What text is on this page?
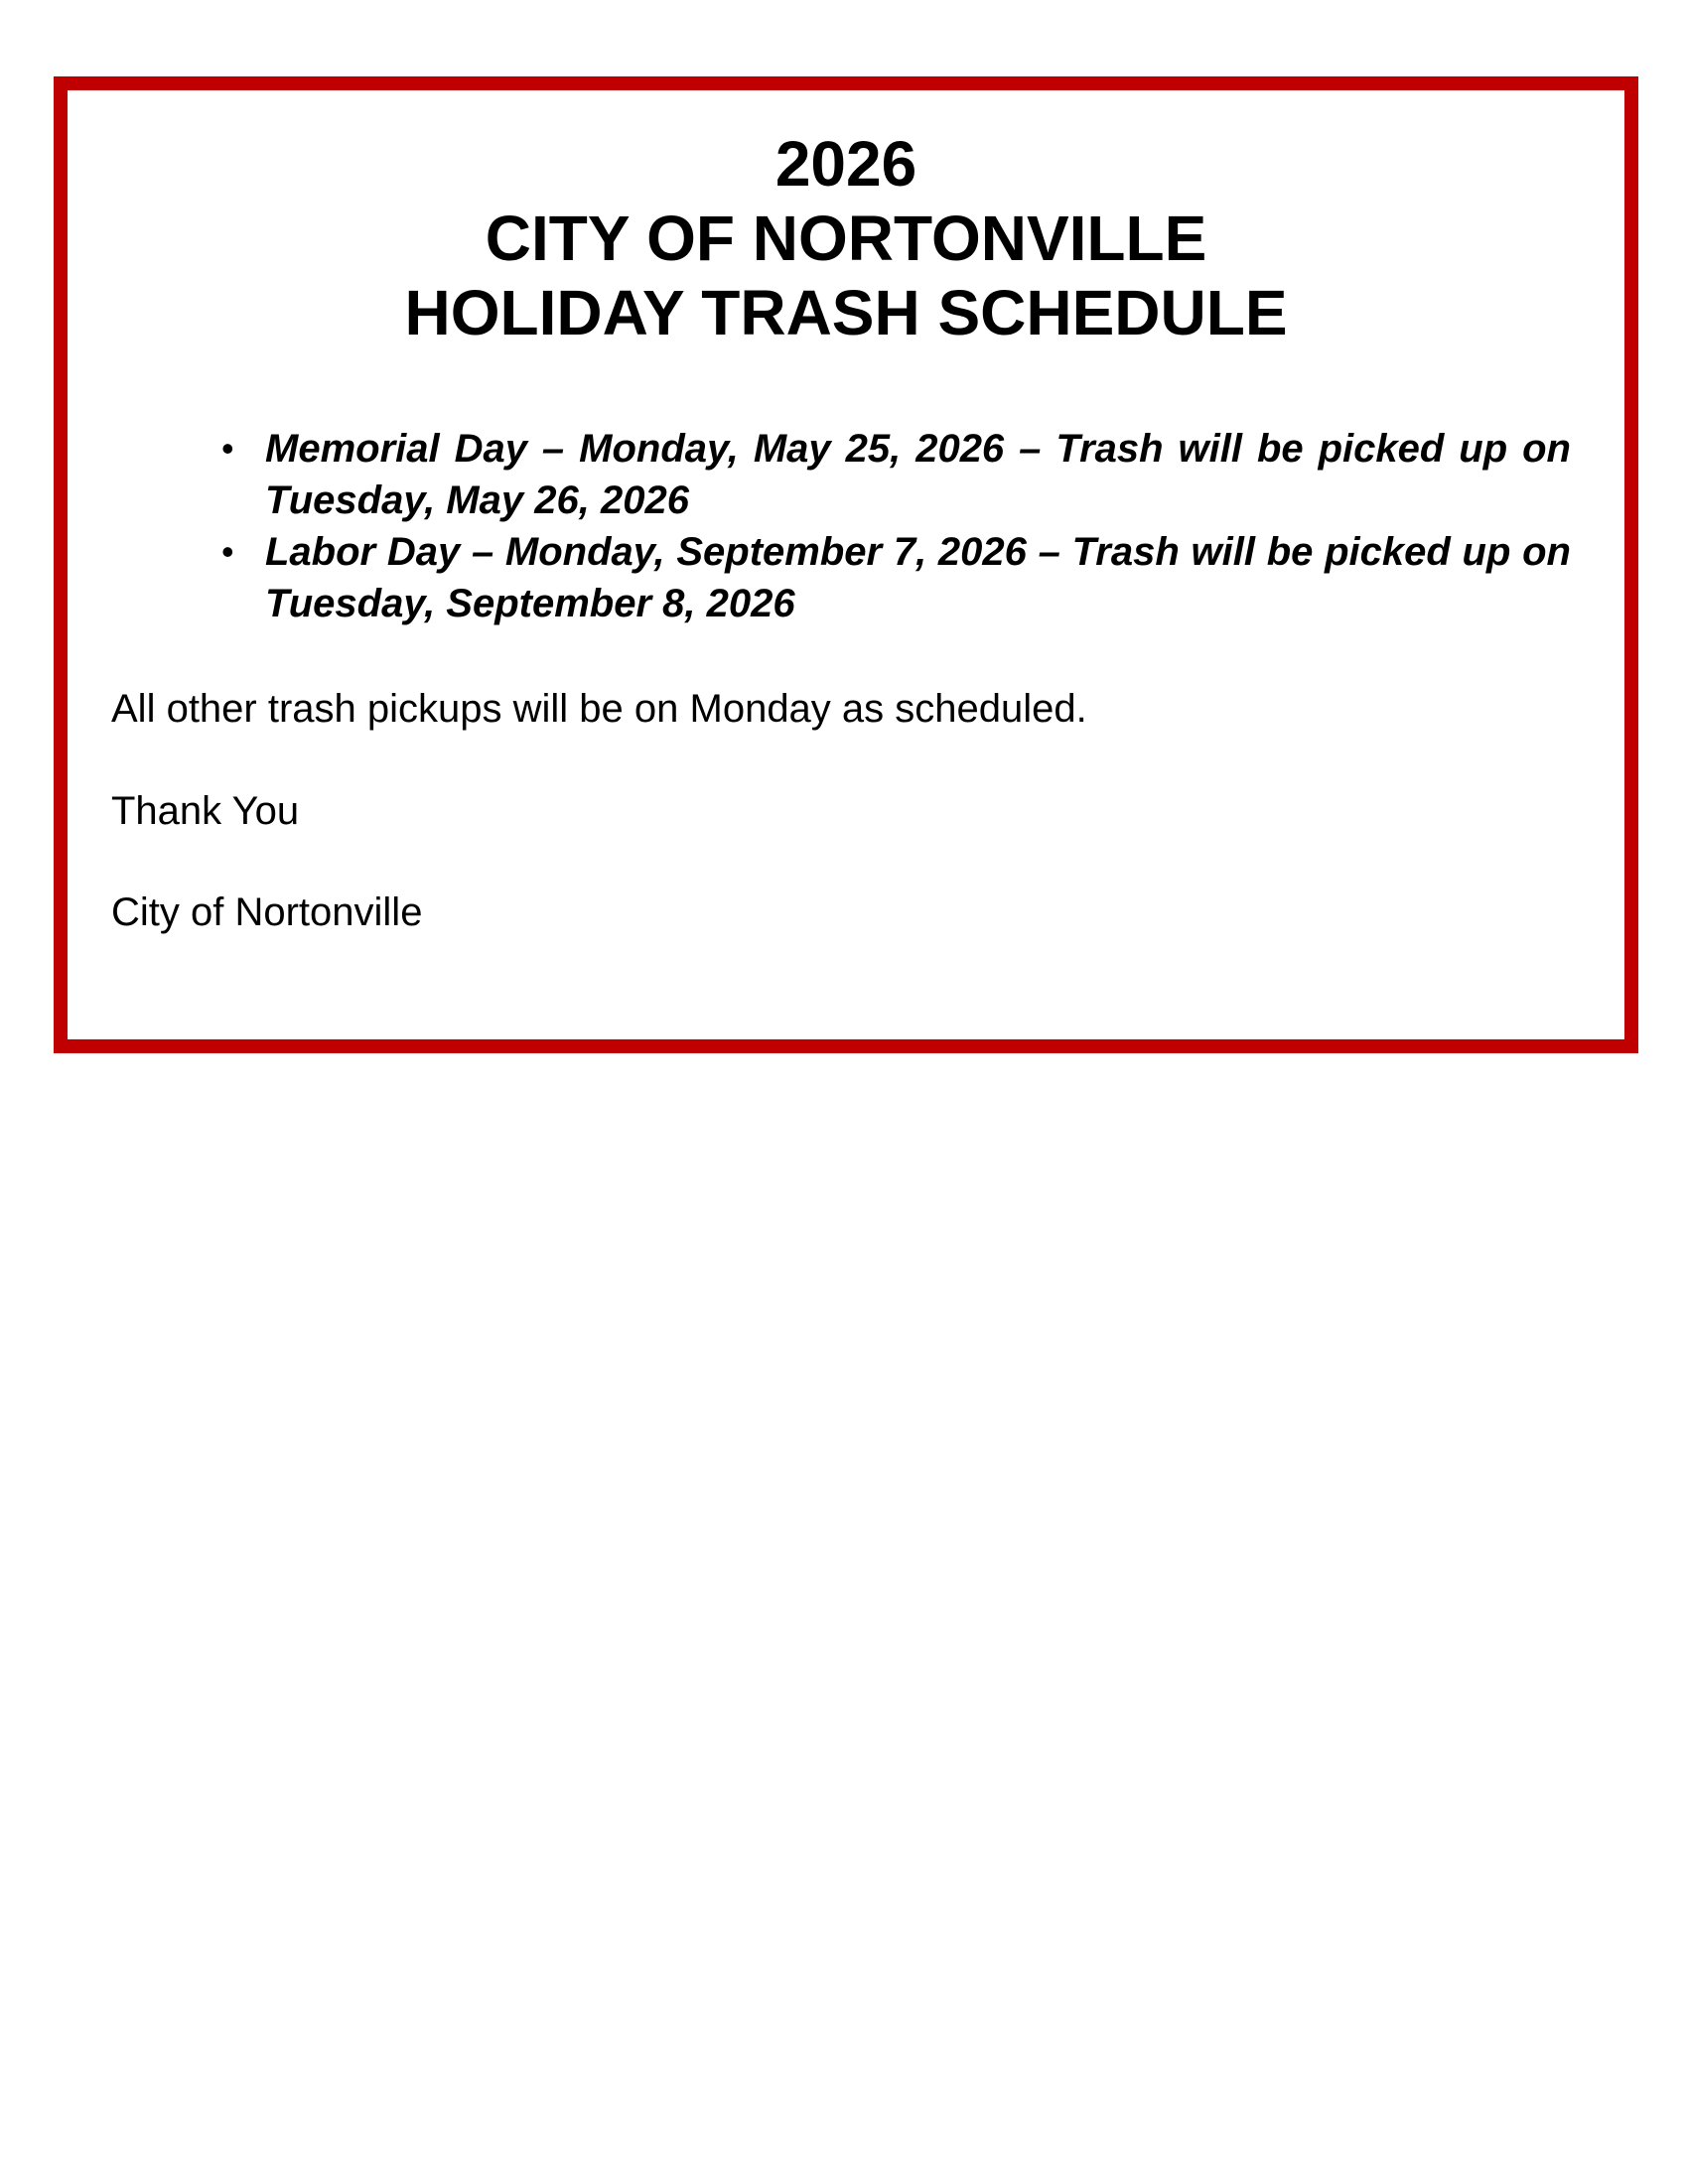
2026
CITY OF NORTONVILLE
HOLIDAY TRASH SCHEDULE
• Memorial Day – Monday, May 25, 2026 – Trash will be picked up on Tuesday, May 26, 2026
• Labor Day – Monday, September 7, 2026 – Trash will be picked up on Tuesday, September 8, 2026
All other trash pickups will be on Monday as scheduled.
Thank You
City of Nortonville
